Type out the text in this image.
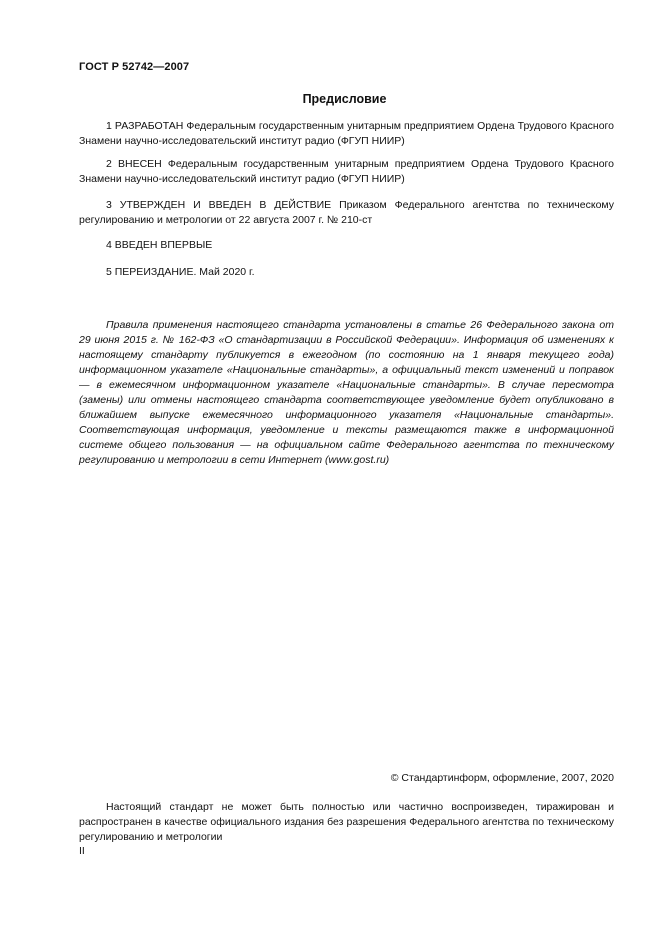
ГОСТ Р 52742—2007
Предисловие

1 РАЗРАБОТАН Федеральным государственным унитарным предприятием Ордена Трудового Красного Знамени научно-исследовательский институт радио (ФГУП НИИР)

2 ВНЕСЕН Федеральным государственным унитарным предприятием Ордена Трудового Красного Знамени научно-исследовательский институт радио (ФГУП НИИР)

3 УТВЕРЖДЕН И ВВЕДЕН В ДЕЙСТВИЕ Приказом Федерального агентства по техническому регулированию и метрологии от 22 августа 2007 г. № 210-ст

4 ВВЕДЕН ВПЕРВЫЕ

5 ПЕРЕИЗДАНИЕ. Май 2020 г.

Правила применения настоящего стандарта установлены в статье 26 Федерального закона от 29 июня 2015 г. № 162-ФЗ «О стандартизации в Российской Федерации». Информация об изменениях к настоящему стандарту публикуется в ежегодном (по состоянию на 1 января текущего года) информационном указателе «Национальные стандарты», а официальный текст изменений и поправок — в ежемесячном информационном указателе «Национальные стандарты». В случае пересмотра (замены) или отмены настоящего стандарта соответствующее уведомление будет опубликовано в ближайшем выпуске ежемесячного информационного указателя «Национальные стандарты». Соответствующая информация, уведомление и тексты размещаются также в информационной системе общего пользования — на официальном сайте Федерального агентства по техническому регулированию и метрологии в сети Интернет (www.gost.ru)

© Стандартинформ, оформление, 2007, 2020

Настоящий стандарт не может быть полностью или частично воспроизведен, тиражирован и распространен в качестве официального издания без разрешения Федерального агентства по техническому регулированию и метрологии

II
